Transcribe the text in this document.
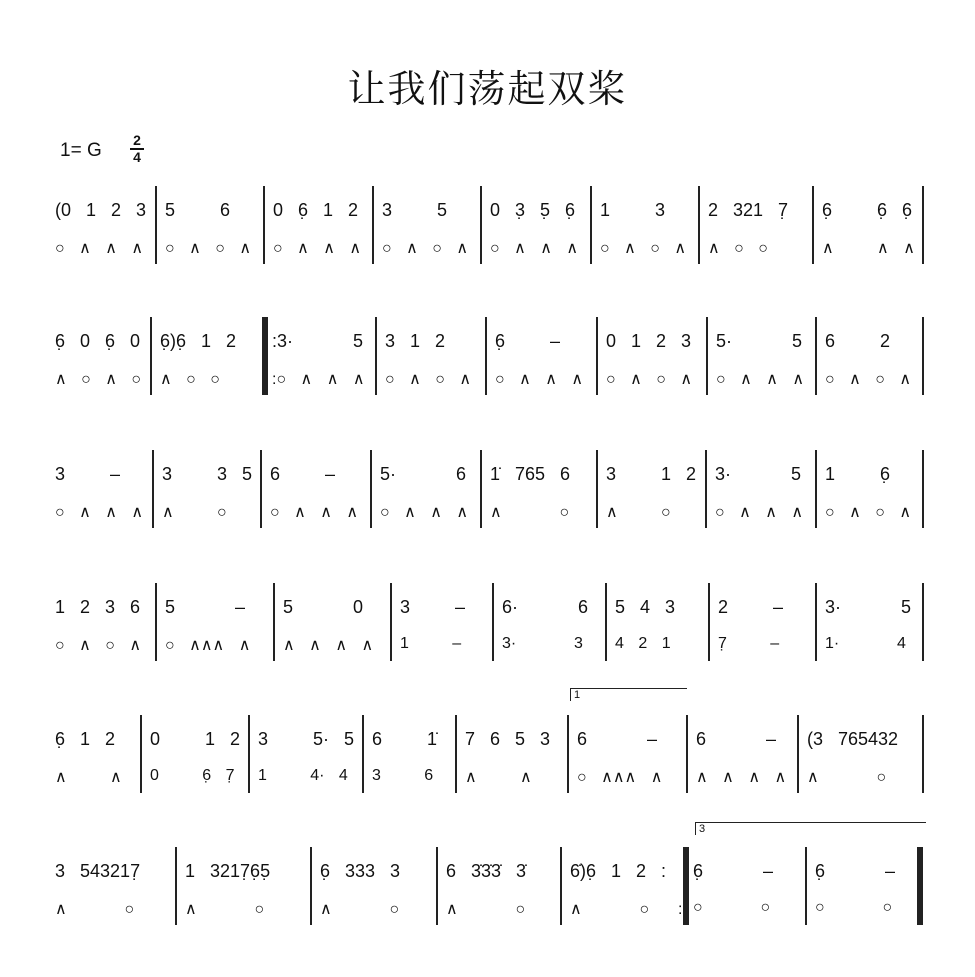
让我们荡起双桨
1= G 2
4
(0 1 2 3
○ ∧ ∧ ∧
5   6
○ ∧ ○ ∧
0 6̣ 1 2
○ ∧ ∧ ∧
3   5
○ ∧ ○ ∧
0 3̣ 5̣ 6̣
○ ∧ ∧ ∧
1   3
○ ∧ ○ ∧
2 321 7̣
∧ ○ ○
6̣   6̣ 6̣
∧   ∧ ∧
6̣ 0 6̣ 0
∧ ○ ∧ ○
6̣)6̣ 1 2
∧ ○ ○
:3·    5
:○ ∧ ∧ ∧
3 1 2
○ ∧ ○ ∧
6̣   –
○ ∧ ∧ ∧
0 1 2 3
○ ∧ ○ ∧
5·    5
○ ∧ ∧ ∧
6   2
○ ∧ ○ ∧
3   –
○ ∧ ∧ ∧
3   3 5
∧   ○
6   –
○ ∧ ∧ ∧
5·    6
○ ∧ ∧ ∧
1̇ 765 6
∧    ○
3   1 2
∧   ○
3·    5
○ ∧ ∧ ∧
1   6̣
○ ∧ ○ ∧
1 2 3 6
○ ∧ ○ ∧
5    –
○ ∧∧∧ ∧
5    0
∧ ∧ ∧ ∧
3   –
1   –
6·    6
3·    3
5 4 3
4 2 1
2   –
7̣   –
3·    5
1·    4
6̣ 1 2
∧   ∧
0   1 2
0   6̣ 7̣
3   5· 5
1   4· 4
6   1̇
3   6
7 6 5 3
∧   ∧
6    –
○ ∧∧∧ ∧
6    –
∧ ∧ ∧ ∧
(3 765432
∧    ○
3 543217̣
∧    ○
1 3217̣6̣5̣
∧    ○
6̣ 333 3
∧    ○
6 3̇3̇3̇ 3̇
∧    ○
6̇)6̣ 1 2 :
∧    ○  :
6̣    –
○    ○
6̣    –
○    ○
1
3
